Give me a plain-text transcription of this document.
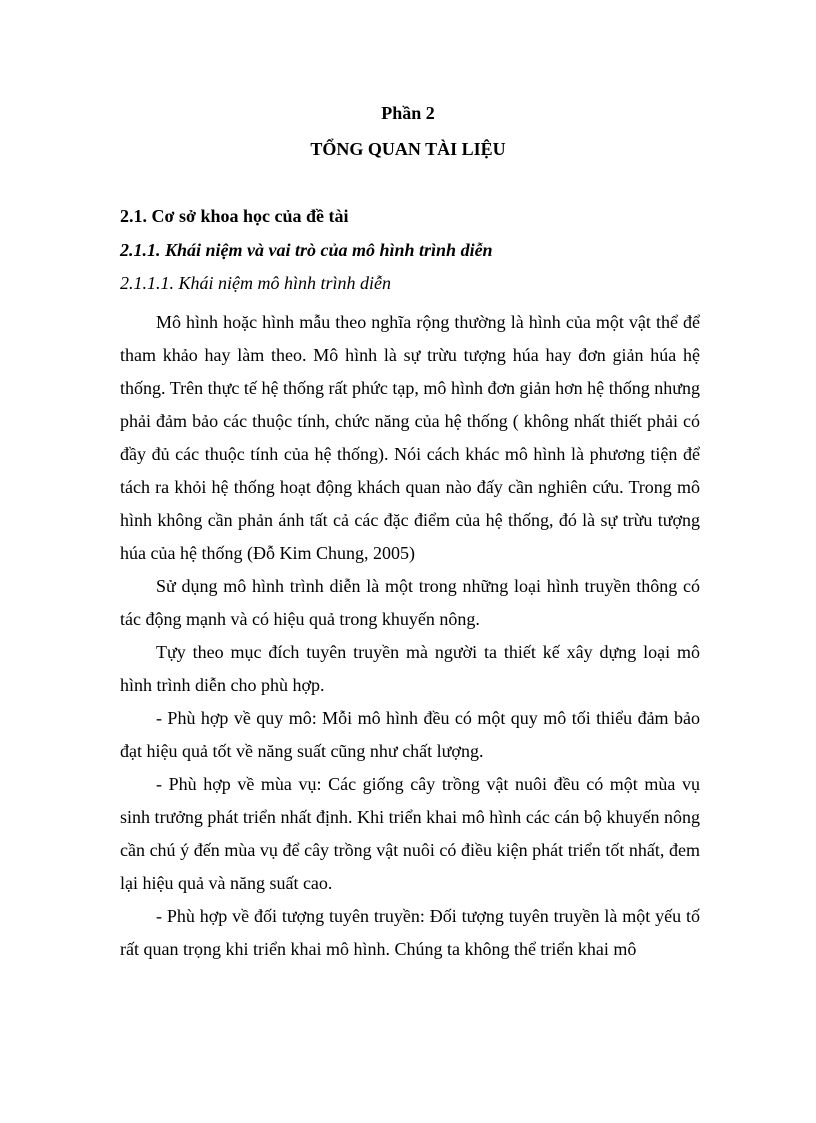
Phần 2
TỔNG QUAN TÀI LIỆU
2.1. Cơ sở khoa học của đề tài
2.1.1. Khái niệm và vai trò của mô hình trình diễn
2.1.1.1. Khái niệm mô hình trình diễn

Mô hình hoặc hình mẫu theo nghĩa rộng thường là hình của một vật thể để tham khảo hay làm theo. Mô hình là sự trừu tượng húa hay đơn giản húa hệ thống. Trên thực tế hệ thống rất phức tạp, mô hình đơn giản hơn hệ thống nhưng phải đảm bảo các thuộc tính, chức năng của hệ thống ( không nhất thiết phải có đầy đủ các thuộc tính của hệ thống). Nói cách khác mô hình là phương tiện để tách ra khỏi hệ thống hoạt động khách quan nào đấy cần nghiên cứu. Trong mô hình không cần phản ánh tất cả các đặc điểm của hệ thống, đó là sự trừu tượng húa của hệ thống (Đỗ Kim Chung, 2005)

Sử dụng mô hình trình diễn là một trong những loại hình truyền thông có tác động mạnh và có hiệu quả trong khuyến nông.

Tựy theo mục đích tuyên truyền mà người ta thiết kế xây dựng loại mô hình trình diễn cho phù hợp.

- Phù hợp về quy mô: Mỗi mô hình đều có một quy mô tối thiểu đảm bảo đạt hiệu quả tốt về năng suất cũng như chất lượng.

- Phù hợp về mùa vụ: Các giống cây trồng vật nuôi đều có một mùa vụ sinh trưởng phát triển nhất định. Khi triển khai mô hình các cán bộ khuyến nông cần chú ý đến mùa vụ để cây trồng vật nuôi có điều kiện phát triển tốt nhất, đem lại hiệu quả và năng suất cao.

- Phù hợp về đối tượng tuyên truyền: Đối tượng tuyên truyền là một yếu tố rất quan trọng khi triển khai mô hình. Chúng ta không thể triển khai mô
